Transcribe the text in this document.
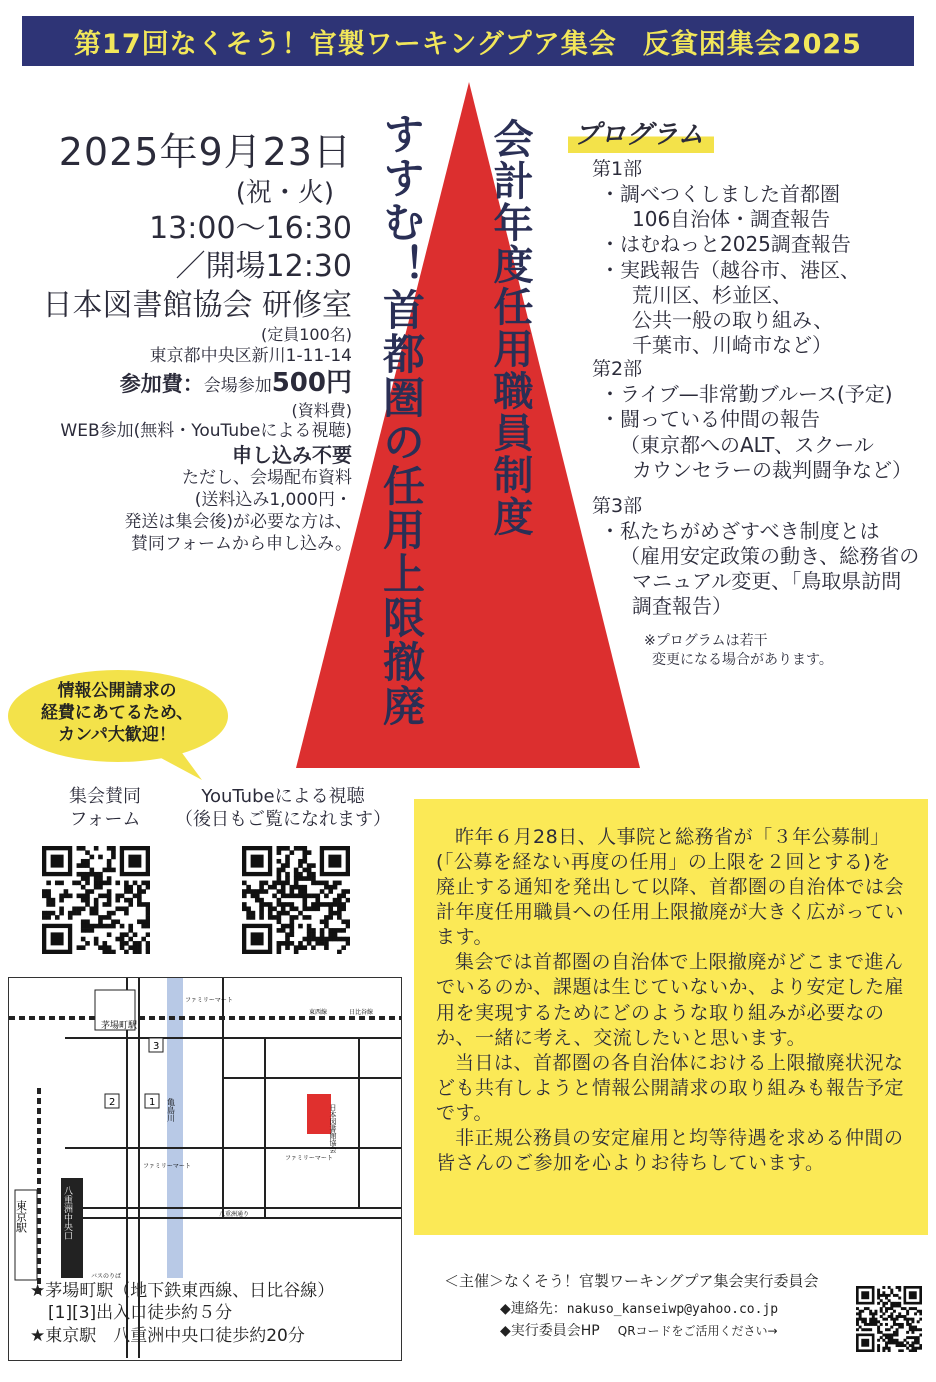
第17回なくそう！官製ワーキングプア集会 反貧困集会2025
会計年度任用職員制度
すすむ！首都圏の任用上限撤廃

2025年9月23日

(祝・火)

13:00〜16:30

／開場12:30

日本図書館協会 研修室

(定員100名)

東京都中央区新川1-11-14

参加費：会場参加500円

(資料費)

WEB参加(無料・YouTubeによる視聴)

申し込み不要

ただし、会場配布資料

(送料込み1,000円・

発送は集会後)が必要な方は、

賛同フォームから申し込み。

プログラム
第1部
・調べつくしました首都圏
106自治体・調査報告
・はむねっと2025調査報告
・実践報告（越谷市、港区、
荒川区、杉並区、
公共一般の取り組み、
千葉市、川崎市など）
第2部
・ライブ—非常勤ブルース(予定)
・闘っている仲間の報告
（東京都へのALT、スクール
カウンセラーの裁判闘争など）
第3部
・私たちがめざすべき制度とは
（雇用安定政策の動き、総務省の
マニュアル変更、「鳥取県訪問
調査報告）
※プログラムは若干
変更になる場合があります。
情報公開請求の
経費にあてるため、
カンパ大歓迎！
集会賛同
フォーム
YouTubeによる視聴
（後日もご覧になれます）

昨年６月28日、人事院と総務省が「３年公募制」(「公募を経ない再度の任用」の上限を２回とする)を廃止する通知を発出して以降、首都圏の自治体では会計年度任用職員への任用上限撤廃が大きく広がっています。

集会では首都圏の自治体で上限撤廃がどこまで進んでいるのか、課題は生じていないか、より安定した雇用を実現するためにどのような取り組みが必要なのか、一緒に考え、交流したいと思います。

当日は、首都圏の各自治体における上限撤廃状況なども共有しようと情報公開請求の取り組みも報告予定です。

非正規公務員の安定雇用と均等待遇を求める仲間の皆さんのご参加を心よりお待ちしています。

亀島川
茅場町駅
3
2	1
日本図書館協会
ファミリーマート
ファミリーマート
ファミリーマート
東京駅	八重洲中央口	八重洲通り
バスのりば
東西線	日比谷線
★茅場町駅（地下鉄東西線、日比谷線）
[1][3]出入口徒歩約５分
★東京駅　八重洲中央口徒歩約20分
＜主催＞なくそう！官製ワーキングプア集会実行委員会
◆連絡先：nakuso_kanseiwp@yahoo.co.jp
◆実行委員会HP QRコードをご活用ください→
